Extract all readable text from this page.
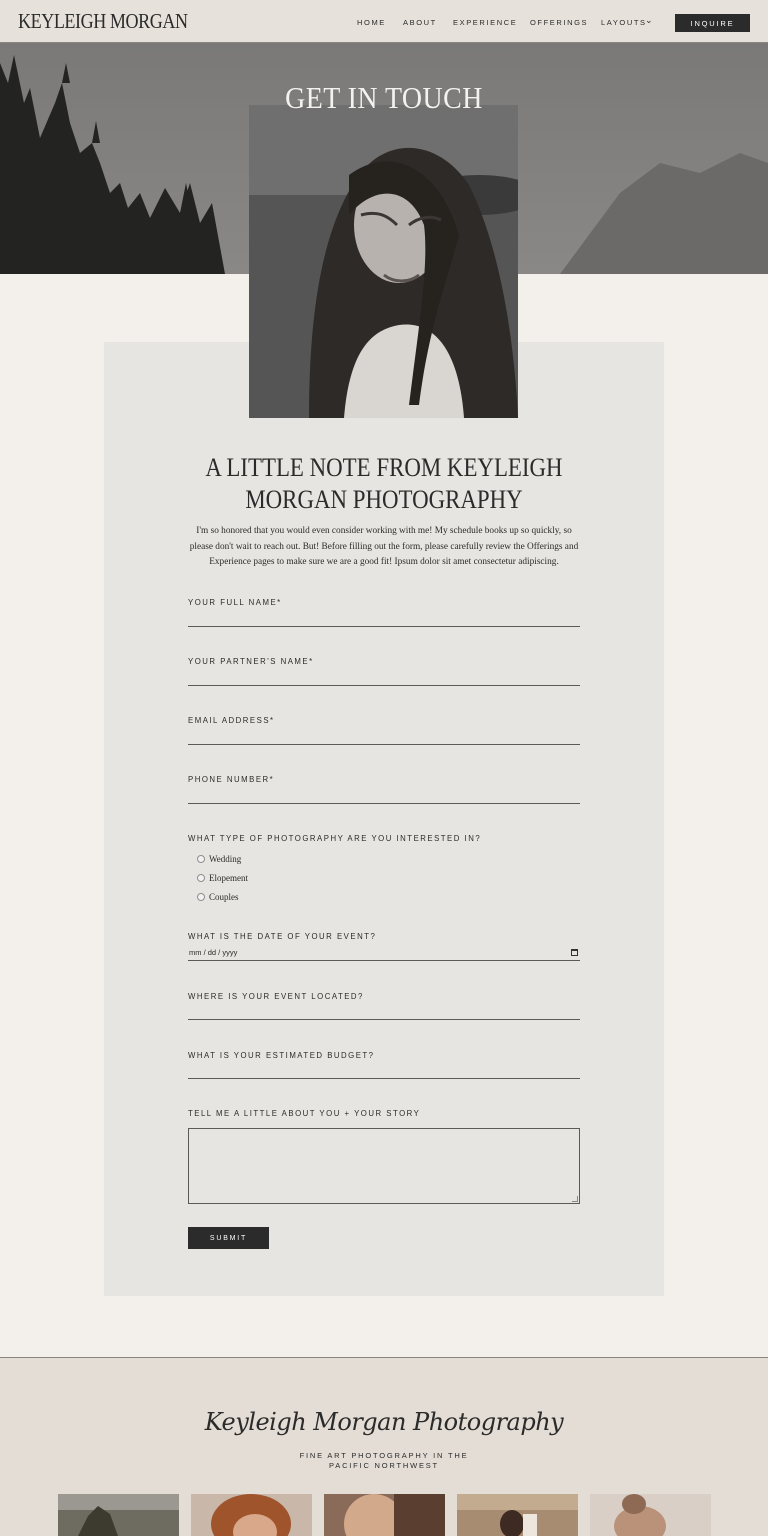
KEYLEIGH MORGAN	HOME ABOUT EXPERIENCE OFFERINGS LAYOUTS
⌄	INQUIRE
GET IN TOUCH
A LITTLE NOTE FROM KEYLEIGH MORGAN PHOTOGRAPHY
I'm so honored that you would even consider working with me! My schedule books up so quickly, so please don't wait to reach out. But! Before filling out the form, please carefully review the Offerings and Experience pages to make sure we are a good fit! Ipsum dolor sit amet consectetur adipiscing.
YOUR FULL NAME*
YOUR PARTNER'S NAME*
EMAIL ADDRESS*
PHONE NUMBER*
WHAT TYPE OF PHOTOGRAPHY ARE YOU INTERESTED IN?
Wedding
Elopement
Couples
WHAT IS THE DATE OF YOUR EVENT?
mm / dd / yyyy
WHERE IS YOUR EVENT LOCATED?
WHAT IS YOUR ESTIMATED BUDGET?
TELL ME A LITTLE ABOUT YOU + YOUR STORY
SUBMIT
Keyleigh Morgan Photography
FINE ART PHOTOGRAPHY IN THE PACIFIC NORTHWEST
